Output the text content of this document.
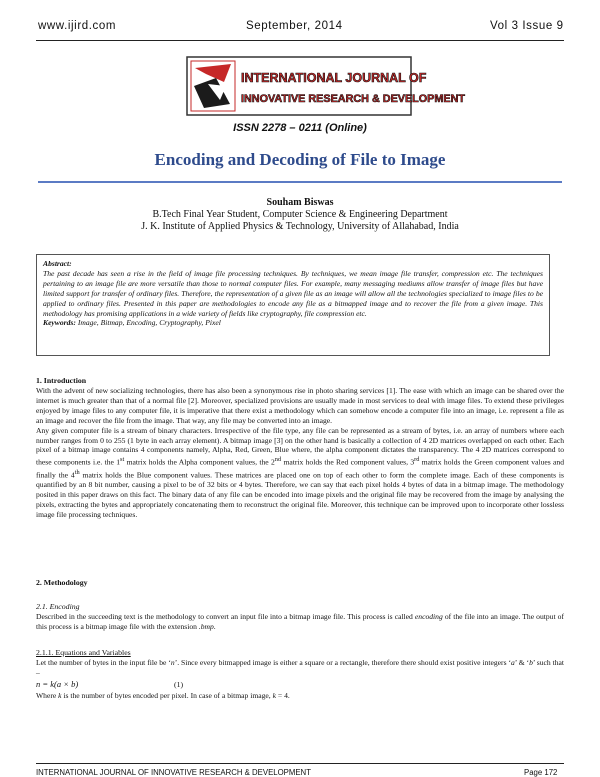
www.ijird.com	September, 2014	Vol 3 Issue 9
INTERNATIONAL JOURNAL OF
INNOVATIVE RESEARCH & DEVELOPMENT
ISSN 2278 – 0211 (Online)
Encoding and Decoding of File to Image
Souham Biswas
B.Tech Final Year Student, Computer Science & Engineering Department
J. K. Institute of Applied Physics & Technology, University of Allahabad, India

Abstract:
The past decade has seen a rise in the field of image file processing techniques. By techniques, we mean image file transfer, compression etc. The techniques pertaining to an image file are more versatile than those to normal computer files. For example, many messaging mediums allow transfer of image files but have limited support for transfer of ordinary files. Therefore, the representation of a given file as an image will allow all the technologies specialized to image files to be applied to ordinary files. Presented in this paper are methodologies to encode any file as a bitmapped image and to recover the file from a given image. This methodology has promising applications in a wide variety of fields like cryptography, file compression etc.

Keywords: Image, Bitmap, Encoding, Cryptography, Pixel

1. Introduction

With the advent of new socializing technologies, there has also been a synonymous rise in photo sharing services [1]. The ease with which an image can be shared over the internet is much greater than that of a normal file [2]. Moreover, specialized provisions are usually made in most services to deal with image files. To extend these privileges enjoyed by image files to any computer file, it is imperative that there exist a methodology which can somehow encode a computer file into an image, i.e. represent a file as an image and recover the file from the image. That way, any file may be converted into an image.

Any given computer file is a stream of binary characters. Irrespective of the file type, any file can be represented as a stream of bytes, i.e. an array of numbers where each number ranges from 0 to 255 (1 byte in each array element). A bitmap image [3] on the other hand is basically a collection of 4 2D matrices overlapped on each other. Each pixel of a bitmap image contains 4 components namely, Alpha, Red, Green, Blue where, the alpha component dictates the transparency. The 4 2D matrices correspond to these components i.e. the 1st matrix holds the Alpha component values, the 2nd matrix holds the Red component values, 3rd matrix holds the Green component values and finally the 4th matrix holds the Blue component values. These matrices are placed one on top of each other to form the complete image. Each of these components is quantified by an 8 bit number, causing a pixel to be of 32 bits or 4 bytes. Therefore, we can say that each pixel holds 4 bytes of data in a bitmap image. The methodology posited in this paper draws on this fact. The binary data of any file can be encoded into image pixels and the original file may be recovered from the image by analysing the pixels, extracting the bytes and appropriately concatenating them to reconstruct the original file. Moreover, this technique can be improved upon to incorporate other lossless image file processing techniques.

2. Methodology
2.1. Encoding

Described in the succeeding text is the methodology to convert an input file into a bitmap image file. This process is called encoding of the file into an image. The output of this process is a bitmap image file with the extension .bmp.

2.1.1. Equations and Variables

Let the number of bytes in the input file be ‘n’. Since every bitmapped image is either a square or a rectangle, therefore there should exist positive integers ‘a’ & ‘b’ such that –

n = k(a × b)	(1)

Where k is the number of bytes encoded per pixel. In case of a bitmap image, k = 4.

INTERNATIONAL JOURNAL OF INNOVATIVE RESEARCH & DEVELOPMENT	Page 172
